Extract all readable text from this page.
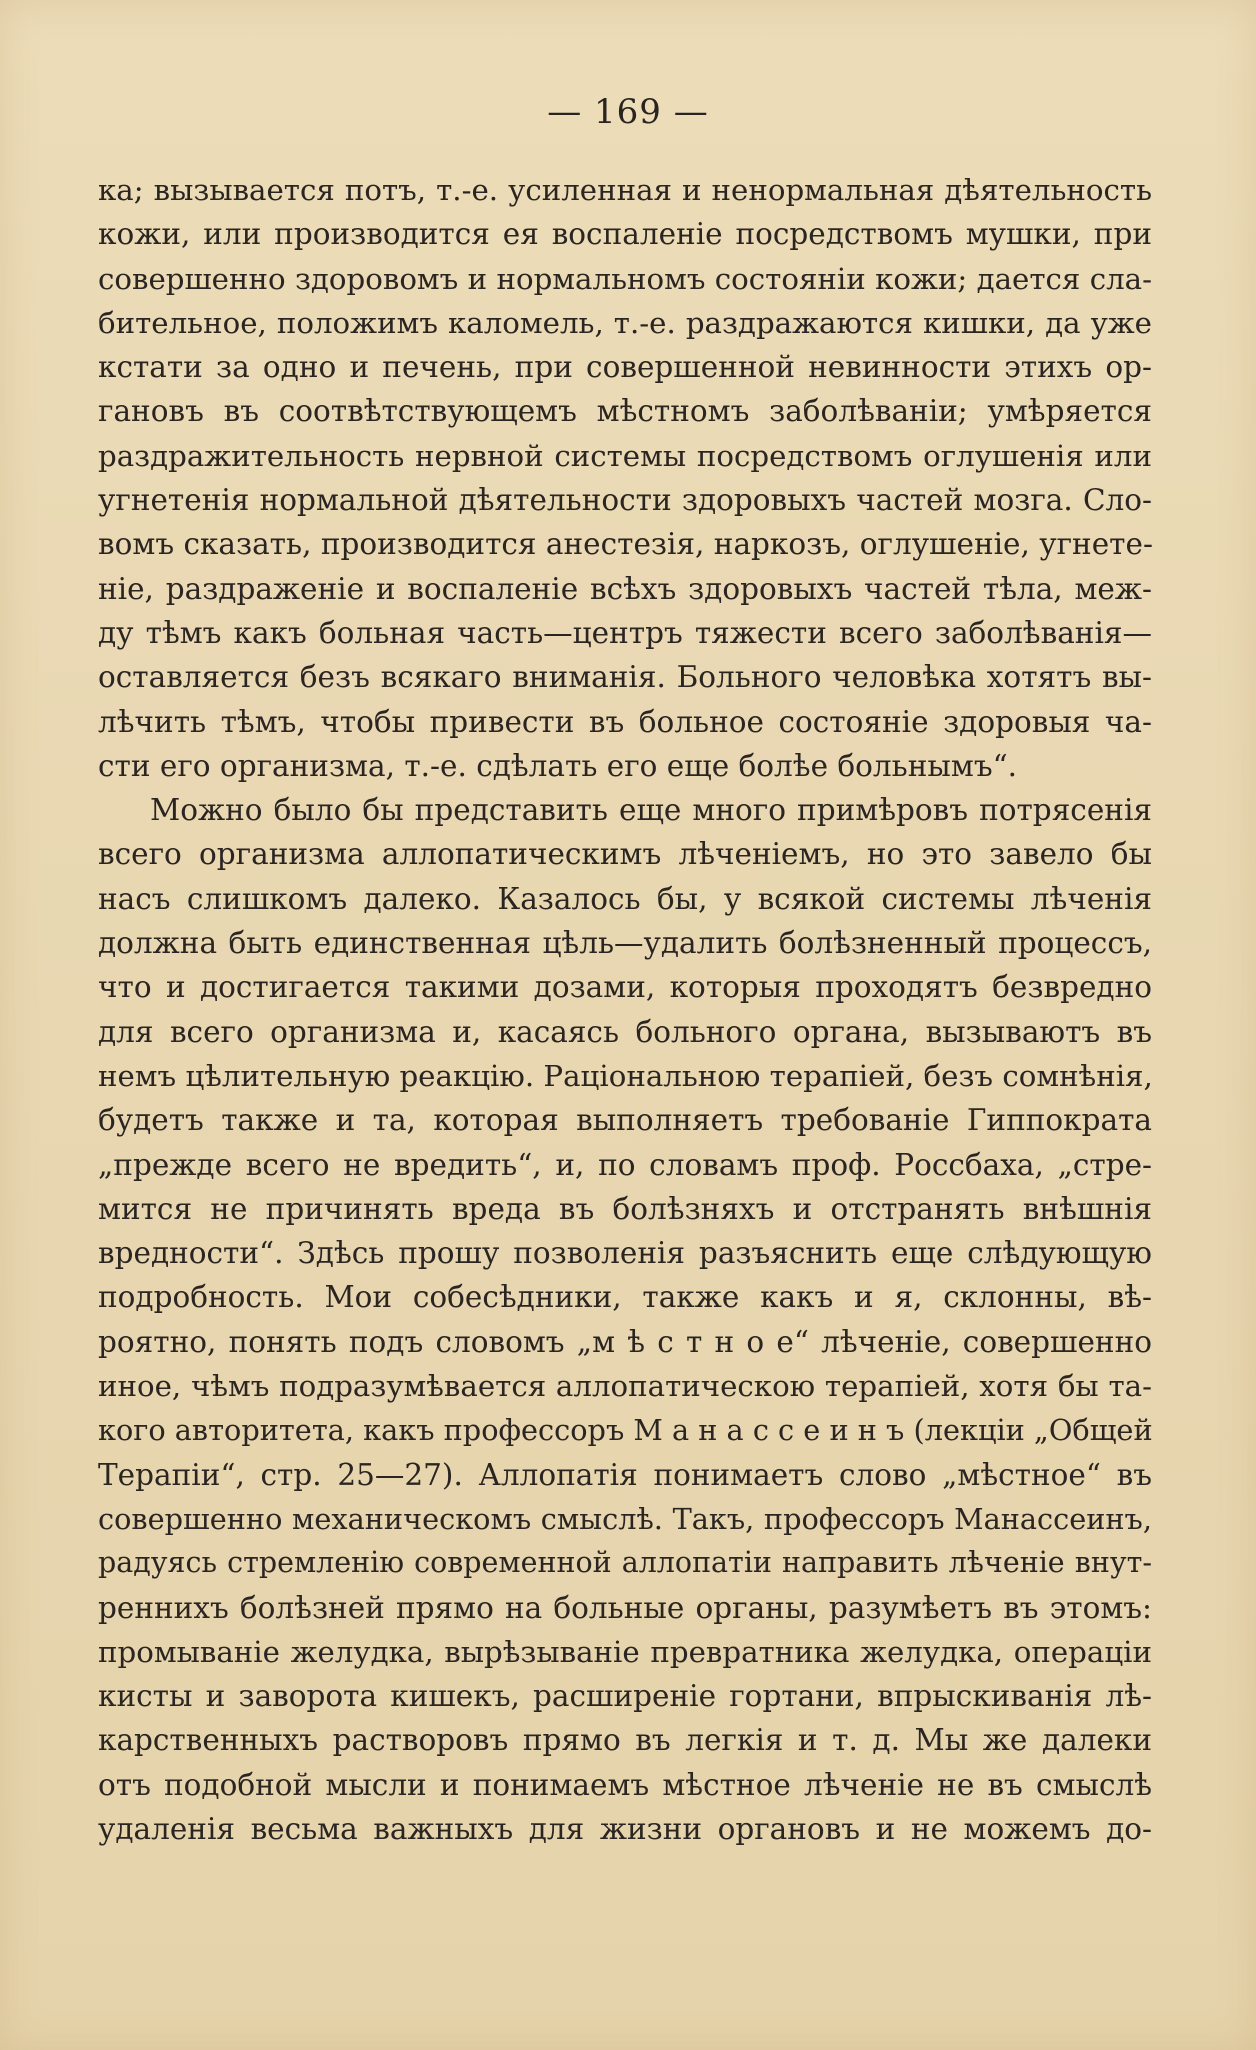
— 169 —
ка; вызывается потъ, т.-е. усиленная и ненормальная дѣятельность
кожи, или производится ея воспаленіе посредствомъ мушки, при
совершенно здоровомъ и нормальномъ состояніи кожи; дается сла-
бительное, положимъ каломель, т.-е. раздражаются кишки, да уже
кстати за одно и печень, при совершенной невинности этихъ ор-
гановъ въ соотвѣтствующемъ мѣстномъ заболѣваніи; умѣряется
раздражительность нервной системы посредствомъ оглушенія или
угнетенія нормальной дѣятельности здоровыхъ частей мозга. Сло-
вомъ сказать, производится анестезія, наркозъ, оглушеніе, угнете-
ніе, раздраженіе и воспаленіе всѣхъ здоровыхъ частей тѣла, меж-
ду тѣмъ какъ больная часть—центръ тяжести всего заболѣванія—
оставляется безъ всякаго вниманія. Больного человѣка хотятъ вы-
лѣчить тѣмъ, чтобы привести въ больное состояніе здоровыя ча-
сти его организма, т.-е. сдѣлать его еще болѣе больнымъ“.
Можно было бы представить еще много примѣровъ потрясенія
всего организма аллопатическимъ лѣченіемъ, но это завело бы
насъ слишкомъ далеко. Казалось бы, у всякой системы лѣченія
должна быть единственная цѣль—удалить болѣзненный процессъ,
что и достигается такими дозами, которыя проходятъ безвредно
для всего организма и, касаясь больного органа, вызываютъ въ
немъ цѣлительную реакцію. Раціональною терапіей, безъ сомнѣнія,
будетъ также и та, которая выполняетъ требованіе Гиппократа
„прежде всего не вредить“, и, по словамъ проф. Россбаха, „стре-
мится не причинять вреда въ болѣзняхъ и отстранять внѣшнія
вредности“. Здѣсь прошу позволенія разъяснить еще слѣдующую
подробность. Мои собесѣдники, также какъ и я, склонны, вѣ-
роятно, понять подъ словомъ „м ѣ с т н о е“ лѣченіе, совершенно
иное, чѣмъ подразумѣвается аллопатическою терапіей, хотя бы та-
кого авторитета, какъ профессоръ М а н а с с е и н ъ (лекціи „Общей
Терапіи“, стр. 25—27). Аллопатія понимаетъ слово „мѣстное“ въ
совершенно механическомъ смыслѣ. Такъ, профессоръ Манассеинъ,
радуясь стремленію современной аллопатіи направить лѣченіе внут-
реннихъ болѣзней прямо на больные органы, разумѣетъ въ этомъ:
промываніе желудка, вырѣзываніе превратника желудка, операціи
кисты и заворота кишекъ, расширеніе гортани, впрыскиванія лѣ-
карственныхъ растворовъ прямо въ легкія и т. д. Мы же далеки
отъ подобной мысли и понимаемъ мѣстное лѣченіе не въ смыслѣ
удаленія весьма важныхъ для жизни органовъ и не можемъ до-
